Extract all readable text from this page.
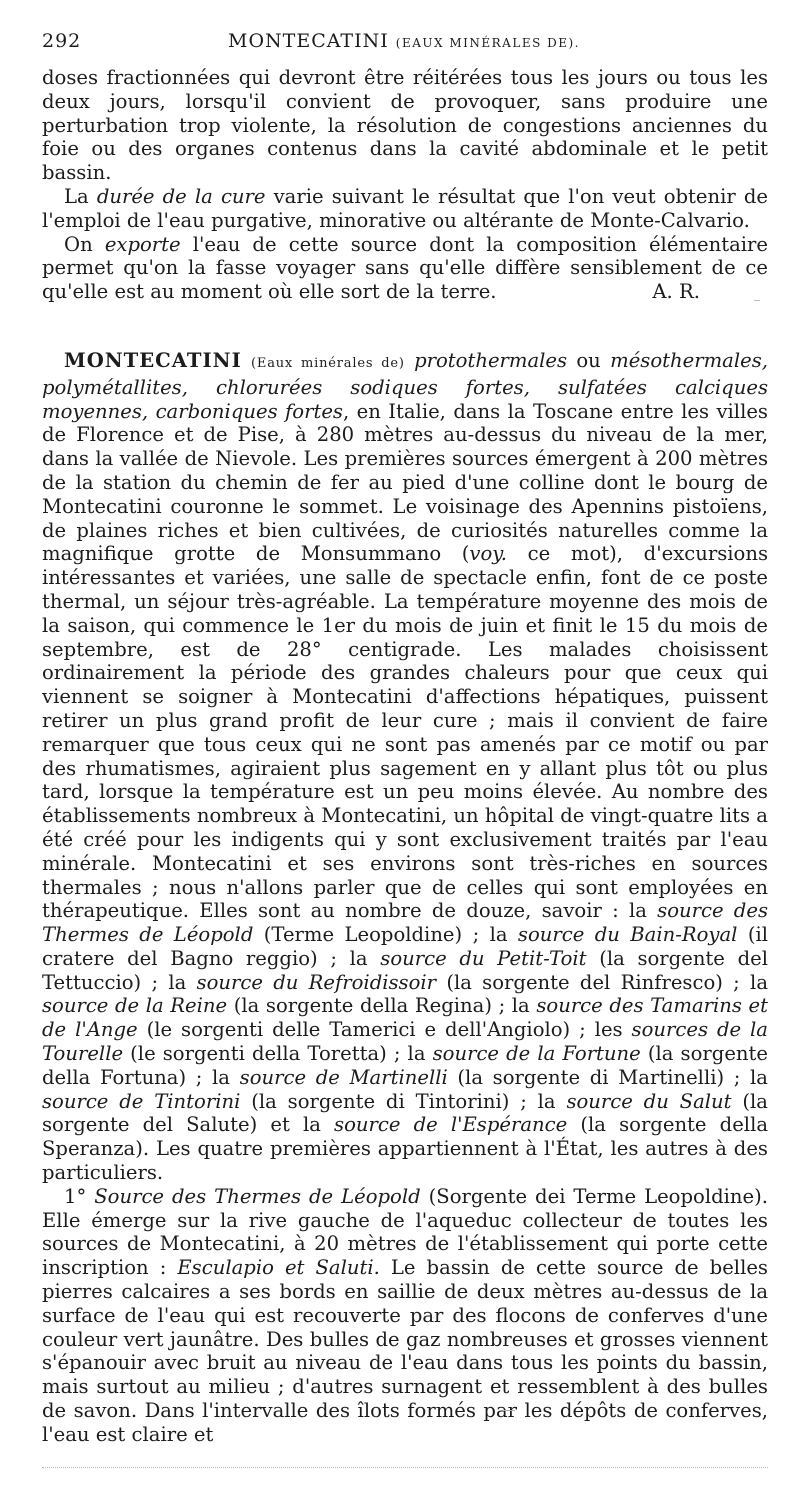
292	MONTECATINI (EAUX MINÉRALES DE).

doses fractionnées qui devront être réitérées tous les jours ou tous les deux jours, lorsqu'il convient de provoquer, sans produire une perturbation trop violente, la résolution de congestions anciennes du foie ou des organes contenus dans la cavité abdominale et le petit bassin.

La durée de la cure varie suivant le résultat que l'on veut obtenir de l'emploi de l'eau purgative, minorative ou altérante de Monte-Calvario.

On exporte l'eau de cette source dont la composition élémentaire permet qu'on la fasse voyager sans qu'elle diffère sensiblement de ce qu'elle est au moment où elle sort de la terre.	A. R.

MONTECATINI (Eaux minérales de) protothermales ou mésothermales, polymétallites, chlorurées sodiques fortes, sulfatées calciques moyennes, carboniques fortes, en Italie, dans la Toscane entre les villes de Florence et de Pise, à 280 mètres au-dessus du niveau de la mer, dans la vallée de Nievole. Les premières sources émergent à 200 mètres de la station du chemin de fer au pied d'une colline dont le bourg de Montecatini couronne le sommet. Le voisinage des Apennins pistoïens, de plaines riches et bien cultivées, de curiosités naturelles comme la magnifique grotte de Monsummano (voy. ce mot), d'excursions intéressantes et variées, une salle de spectacle enfin, font de ce poste thermal, un séjour très-agréable. La température moyenne des mois de la saison, qui commence le 1er du mois de juin et finit le 15 du mois de septembre, est de 28° centigrade. Les malades choisissent ordinairement la période des grandes chaleurs pour que ceux qui viennent se soigner à Montecatini d'affections hépatiques, puissent retirer un plus grand profit de leur cure ; mais il convient de faire remarquer que tous ceux qui ne sont pas amenés par ce motif ou par des rhumatismes, agiraient plus sagement en y allant plus tôt ou plus tard, lorsque la température est un peu moins élevée. Au nombre des établissements nombreux à Montecatini, un hôpital de vingt-quatre lits a été créé pour les indigents qui y sont exclusivement traités par l'eau minérale. Montecatini et ses environs sont très-riches en sources thermales ; nous n'allons parler que de celles qui sont employées en thérapeutique. Elles sont au nombre de douze, savoir : la source des Thermes de Léopold (Terme Leopoldine) ; la source du Bain-Royal (il cratere del Bagno reggio) ; la source du Petit-Toit (la sorgente del Tettuccio) ; la source du Refroidissoir (la sorgente del Rinfresco) ; la source de la Reine (la sorgente della Regina) ; la source des Tamarins et de l'Ange (le sorgenti delle Tamerici e dell'Angiolo) ; les sources de la Tourelle (le sorgenti della Toretta) ; la source de la Fortune (la sorgente della Fortuna) ; la source de Martinelli (la sorgente di Martinelli) ; la source de Tintorini (la sorgente di Tintorini) ; la source du Salut (la sorgente del Salute) et la source de l'Espérance (la sorgente della Speranza). Les quatre premières appartiennent à l'État, les autres à des particuliers.

1° Source des Thermes de Léopold (Sorgente dei Terme Leopoldine). Elle émerge sur la rive gauche de l'aqueduc collecteur de toutes les sources de Montecatini, à 20 mètres de l'établissement qui porte cette inscription : Esculapio et Saluti. Le bassin de cette source de belles pierres calcaires a ses bords en saillie de deux mètres au-dessus de la surface de l'eau qui est recouverte par des flocons de conferves d'une couleur vert jaunâtre. Des bulles de gaz nombreuses et grosses viennent s'épanouir avec bruit au niveau de l'eau dans tous les points du bassin, mais surtout au milieu ; d'autres surnagent et ressemblent à des bulles de savon. Dans l'intervalle des îlots formés par les dépôts de conferves, l'eau est claire et
